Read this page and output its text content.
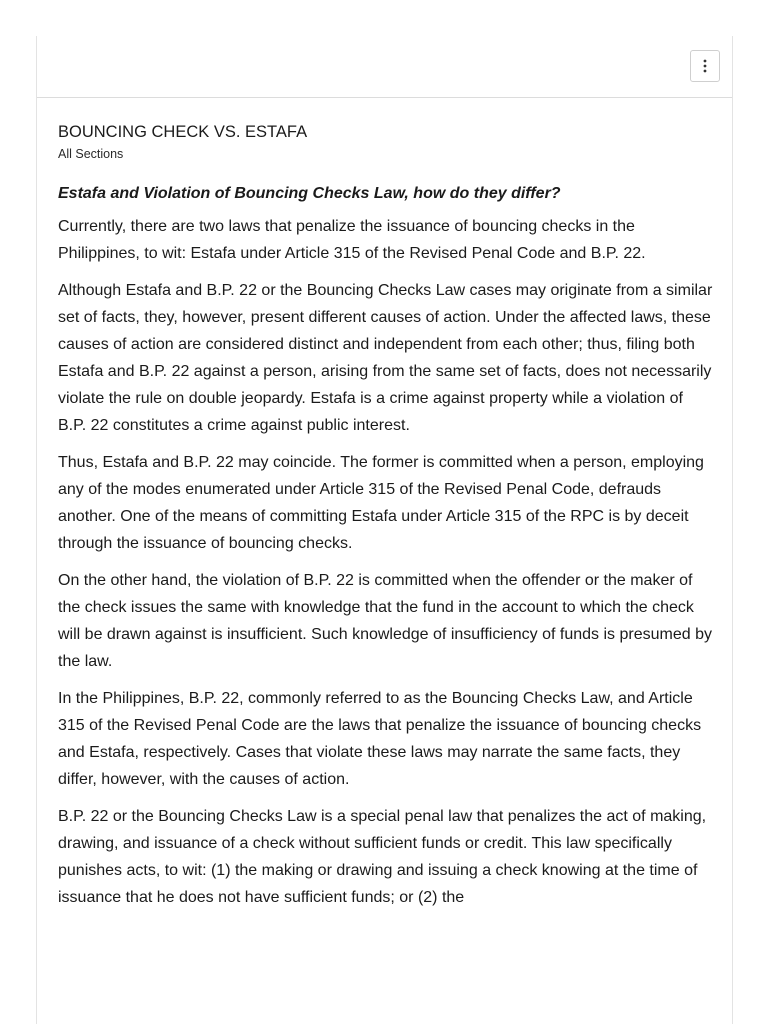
BOUNCING CHECK VS. ESTAFA

All Sections

Estafa and Violation of Bouncing Checks Law, how do they differ?

Currently, there are two laws that penalize the issuance of bouncing checks in the Philippines, to wit: Estafa under Article 315 of the Revised Penal Code and B.P. 22.

Although Estafa and B.P. 22 or the Bouncing Checks Law cases may originate from a similar set of facts, they, however, present different causes of action. Under the affected laws, these causes of action are considered distinct and independent from each other; thus, filing both Estafa and B.P. 22 against a person, arising from the same set of facts, does not necessarily violate the rule on double jeopardy. Estafa is a crime against property while a violation of B.P. 22 constitutes a crime against public interest.

Thus, Estafa and B.P. 22 may coincide. The former is committed when a person, employing any of the modes enumerated under Article 315 of the Revised Penal Code, defrauds another. One of the means of committing Estafa under Article 315 of the RPC is by deceit through the issuance of bouncing checks.

On the other hand, the violation of B.P. 22 is committed when the offender or the maker of the check issues the same with knowledge that the fund in the account to which the check will be drawn against is insufficient. Such knowledge of insufficiency of funds is presumed by the law.

In the Philippines, B.P. 22, commonly referred to as the Bouncing Checks Law, and Article 315 of the Revised Penal Code are the laws that penalize the issuance of bouncing checks and Estafa, respectively. Cases that violate these laws may narrate the same facts, they differ, however, with the causes of action.

B.P. 22 or the Bouncing Checks Law is a special penal law that penalizes the act of making, drawing, and issuance of a check without sufficient funds or credit. This law specifically punishes acts, to wit: (1) the making or drawing and issuing a check knowing at the time of issuance that he does not have sufficient funds; or (2) the
